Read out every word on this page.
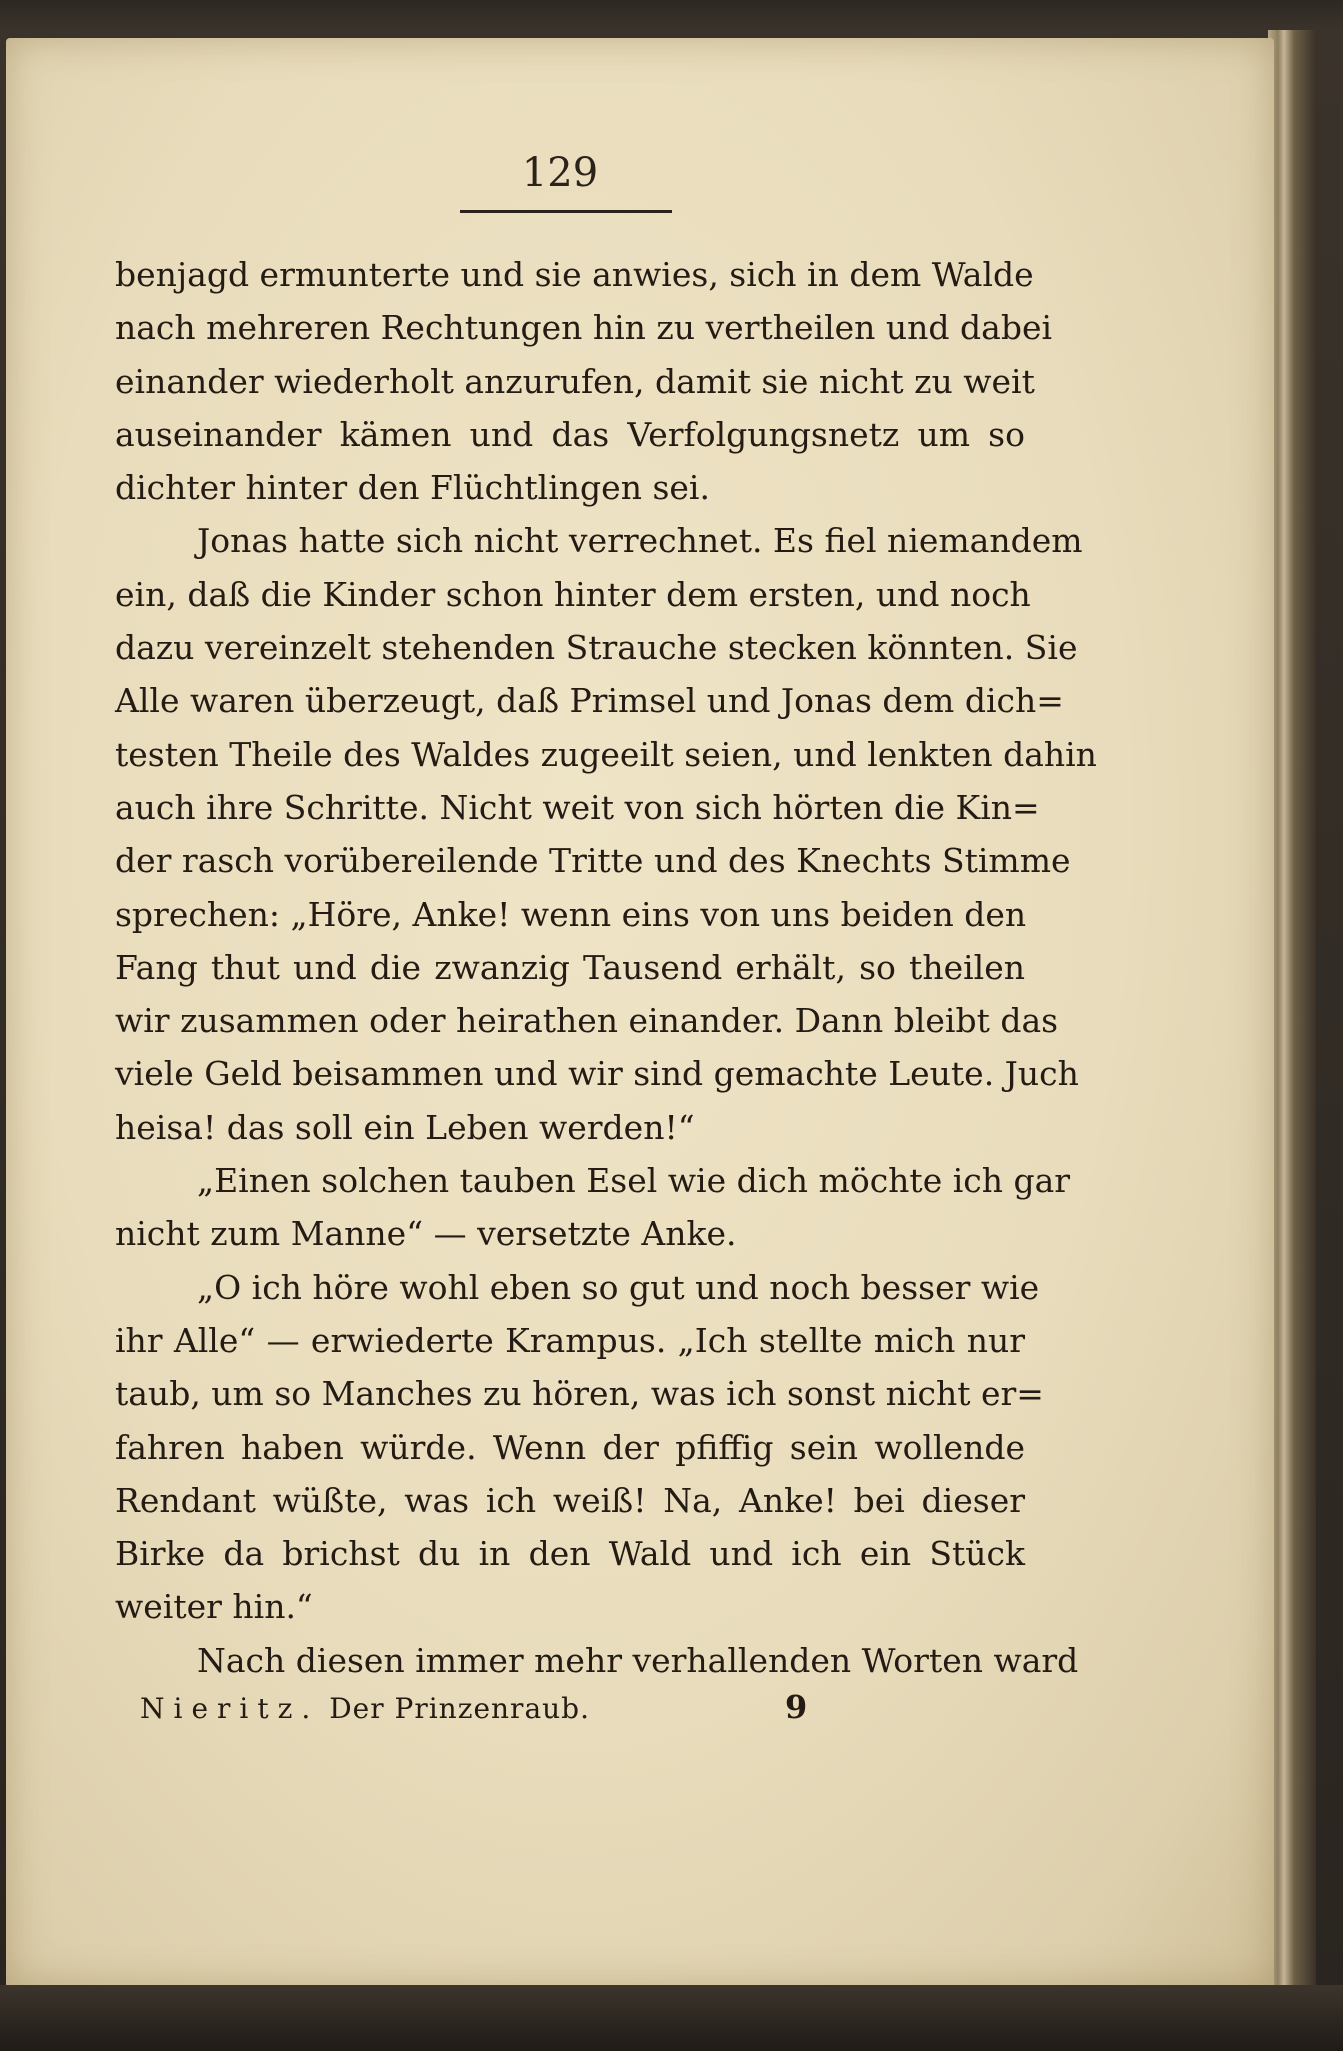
129
benjagd ermunterte und sie anwies, sich in dem Walde
nach mehreren Rechtungen hin zu vertheilen und dabei
einander wiederholt anzurufen, damit sie nicht zu weit
auseinander kämen und das Verfolgungsnetz um so
dichter hinter den Flüchtlingen sei.
Jonas hatte sich nicht verrechnet. Es fiel niemandem
ein, daß die Kinder schon hinter dem ersten, und noch
dazu vereinzelt stehenden Strauche stecken könnten. Sie
Alle waren überzeugt, daß Primsel und Jonas dem dich=
testen Theile des Waldes zugeeilt seien, und lenkten dahin
auch ihre Schritte. Nicht weit von sich hörten die Kin=
der rasch vorübereilende Tritte und des Knechts Stimme
sprechen: „Höre, Anke! wenn eins von uns beiden den
Fang thut und die zwanzig Tausend erhält, so theilen
wir zusammen oder heirathen einander. Dann bleibt das
viele Geld beisammen und wir sind gemachte Leute. Juch
heisa! das soll ein Leben werden!“
„Einen solchen tauben Esel wie dich möchte ich gar
nicht zum Manne“ — versetzte Anke.
„O ich höre wohl eben so gut und noch besser wie
ihr Alle“ — erwiederte Krampus. „Ich stellte mich nur
taub, um so Manches zu hören, was ich sonst nicht er=
fahren haben würde. Wenn der pfiffig sein wollende
Rendant wüßte, was ich weiß! Na, Anke! bei dieser
Birke da brichst du in den Wald und ich ein Stück
weiter hin.“
Nach diesen immer mehr verhallenden Worten ward
Nieritz. Der Prinzenraub.	9
